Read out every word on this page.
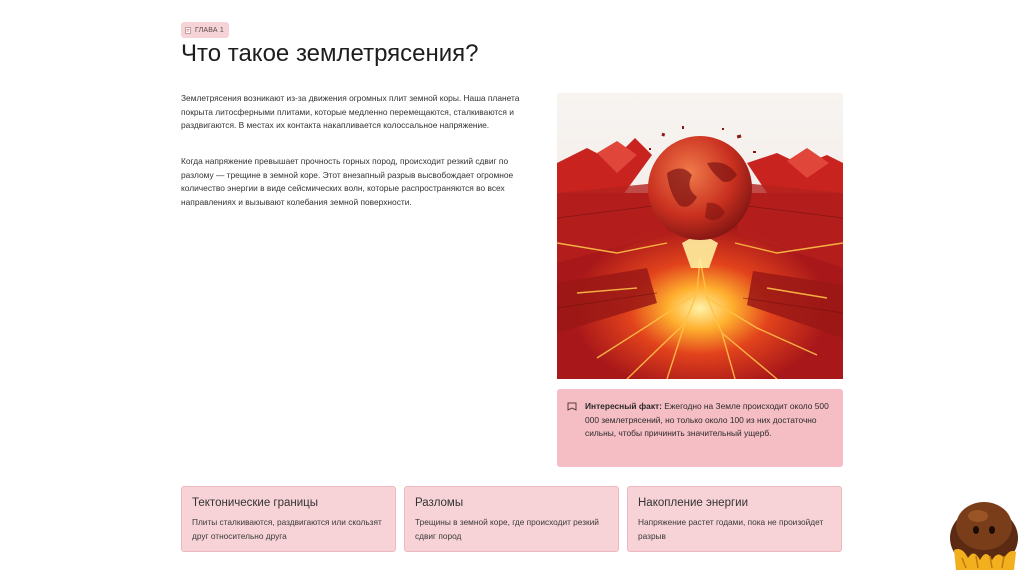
ГЛАВА 1
Что такое землетрясения?

Землетрясения возникают из-за движения огромных плит земной коры. Наша планета покрыта литосферными плитами, которые медленно перемещаются, сталкиваются и раздвигаются. В местах их контакта накапливается колоссальное напряжение.

Когда напряжение превышает прочность горных пород, происходит резкий сдвиг по разлому — трещине в земной коре. Этот внезапный разрыв высвобождает огромное количество энергии в виде сейсмических волн, которые распространяются во всех направлениях и вызывают колебания земной поверхности.

Интересный факт: Ежегодно на Земле происходит около 500 000 землетрясений, но только около 100 из них достаточно сильны, чтобы причинить значительный ущерб.

Тектонические границы
Плиты сталкиваются, раздвигаются или скользят друг относительно друга
Разломы
Трещины в земной коре, где происходит резкий сдвиг пород
Накопление энергии
Напряжение растет годами, пока не произойдет разрыв
